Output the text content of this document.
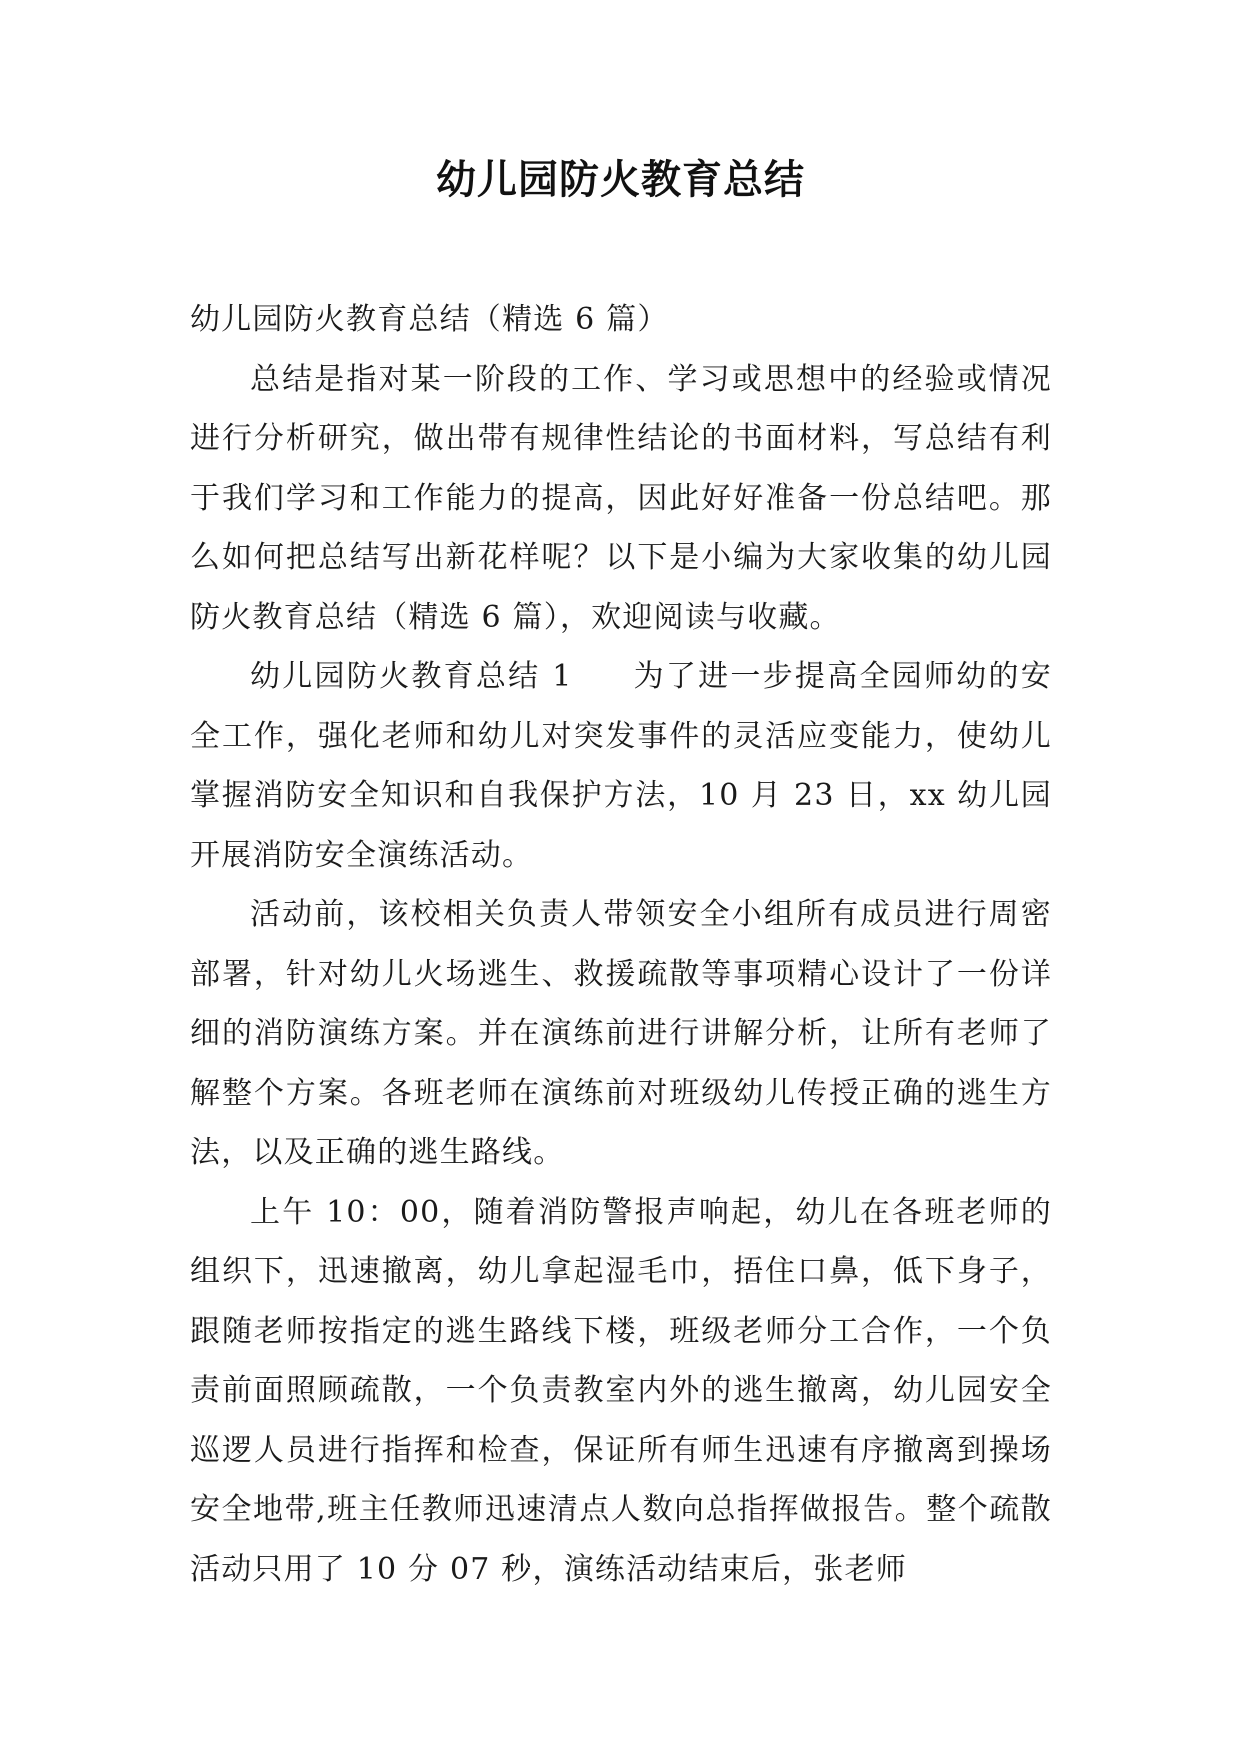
幼儿园防火教育总结

幼儿园防火教育总结（精选 6 篇）

总结是指对某一阶段的工作、学习或思想中的经验或情况进行分析研究，做出带有规律性结论的书面材料，写总结有利于我们学习和工作能力的提高，因此好好准备一份总结吧。那么如何把总结写出新花样呢？以下是小编为大家收集的幼儿园防火教育总结（精选 6 篇），欢迎阅读与收藏。

幼儿园防火教育总结 1 为了进一步提高全园师幼的安全工作，强化老师和幼儿对突发事件的灵活应变能力，使幼儿掌握消防安全知识和自我保护方法，10 月 23 日，xx 幼儿园开展消防安全演练活动。

活动前，该校相关负责人带领安全小组所有成员进行周密部署，针对幼儿火场逃生、救援疏散等事项精心设计了一份详细的消防演练方案。并在演练前进行讲解分析，让所有老师了解整个方案。各班老师在演练前对班级幼儿传授正确的逃生方法，以及正确的逃生路线。

上午 10：00，随着消防警报声响起，幼儿在各班老师的组织下，迅速撤离，幼儿拿起湿毛巾，捂住口鼻，低下身子，跟随老师按指定的逃生路线下楼，班级老师分工合作，一个负责前面照顾疏散，一个负责教室内外的逃生撤离，幼儿园安全巡逻人员进行指挥和检查，保证所有师生迅速有序撤离到操场安全地带,班主任教师迅速清点人数向总指挥做报告。整个疏散活动只用了 10 分 07 秒，演练活动结束后，张老师
